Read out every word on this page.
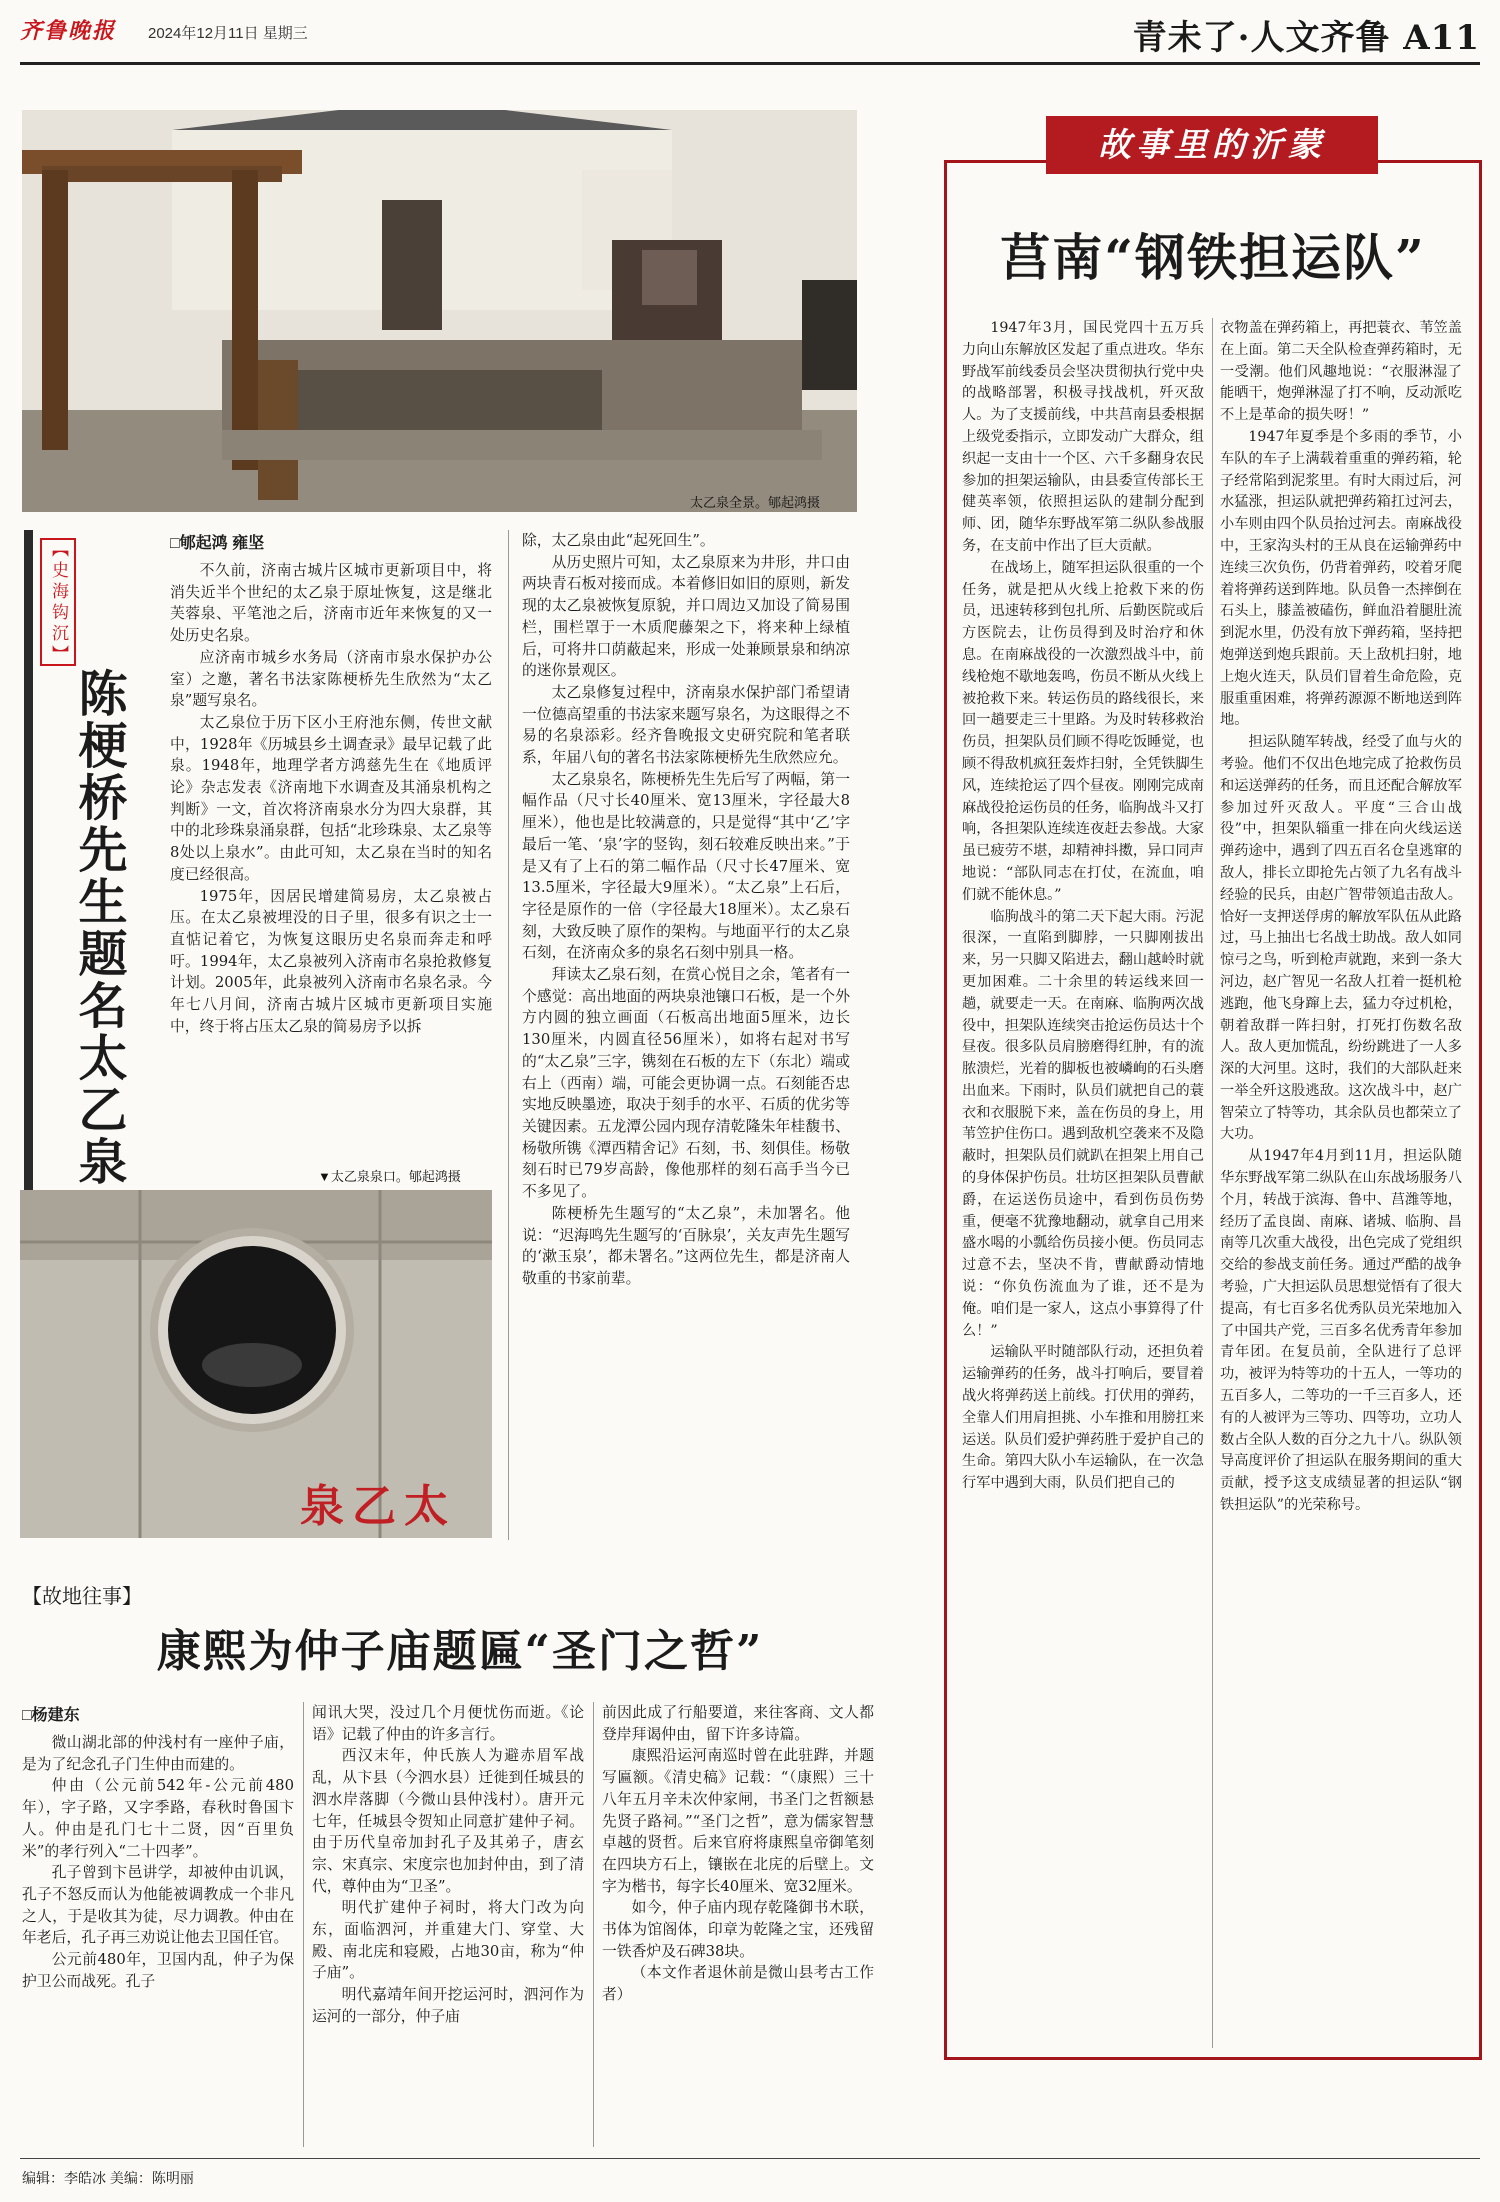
齐鲁晚报 2024年12月11日 星期三	青未了·人文齐鲁 A11
太乙泉全景。郇起鸿摄
【史海钩沉】
陈梗桥先生题名太乙泉
□郇起鸿 雍坚

不久前，济南古城片区城市更新项目中，将消失近半个世纪的太乙泉于原址恢复，这是继北芙蓉泉、平笔池之后，济南市近年来恢复的又一处历史名泉。

应济南市城乡水务局（济南市泉水保护办公室）之邀，著名书法家陈梗桥先生欣然为“太乙泉”题写泉名。

太乙泉位于历下区小王府池东侧，传世文献中，1928年《历城县乡土调查录》最早记载了此泉。1948年，地理学者方鸿慈先生在《地质评论》杂志发表《济南地下水调查及其涌泉机构之判断》一文，首次将济南泉水分为四大泉群，其中的北珍珠泉涌泉群，包括“北珍珠泉、太乙泉等8处以上泉水”。由此可知，太乙泉在当时的知名度已经很高。

1975年，因居民增建简易房，太乙泉被占压。在太乙泉被埋没的日子里，很多有识之士一直惦记着它，为恢复这眼历史名泉而奔走和呼吁。1994年，太乙泉被列入济南市名泉抢救修复计划。2005年，此泉被列入济南市名泉名录。今年七八月间，济南古城片区城市更新项目实施中，终于将占压太乙泉的简易房予以拆

▼太乙泉泉口。郇起鸿摄

除，太乙泉由此“起死回生”。

从历史照片可知，太乙泉原来为井形，井口由两块青石板对接而成。本着修旧如旧的原则，新发现的太乙泉被恢复原貌，并口周边又加设了简易围栏，围栏罩于一木质爬藤架之下，将来种上绿植后，可将井口荫蔽起来，形成一处兼顾景泉和纳凉的迷你景观区。

太乙泉修复过程中，济南泉水保护部门希望请一位德高望重的书法家来题写泉名，为这眼得之不易的名泉添彩。经齐鲁晚报文史研究院和笔者联系，年届八旬的著名书法家陈梗桥先生欣然应允。

太乙泉泉名，陈梗桥先生先后写了两幅，第一幅作品（尺寸长40厘米、宽13厘米，字径最大8厘米），他也是比较满意的，只是觉得“其中‘乙’字最后一笔、‘泉’字的竖钩，刻石较难反映出来。”于是又有了上石的第二幅作品（尺寸长47厘米、宽13.5厘米，字径最大9厘米）。“太乙泉”上石后，字径是原作的一倍（字径最大18厘米）。太乙泉石刻，大致反映了原作的架构。与地面平行的太乙泉石刻，在济南众多的泉名石刻中别具一格。

拜读太乙泉石刻，在赏心悦目之余，笔者有一个感觉：高出地面的两块泉池镶口石板，是一个外方内圆的独立画面（石板高出地面5厘米，边长130厘米，内圆直径56厘米），如将右起对书写的“太乙泉”三字，镌刻在石板的左下（东北）端或右上（西南）端，可能会更协调一点。石刻能否忠实地反映墨迹，取决于刻手的水平、石质的优劣等关键因素。五龙潭公园内现存清乾隆朱年桂馥书、杨敬所镌《潭西精舍记》石刻，书、刻俱佳。杨敬刻石时已79岁高龄，像他那样的刻石高手当今已不多见了。

陈梗桥先生题写的“太乙泉”，未加署名。他说：“迟海鸣先生题写的‘百脉泉’，关友声先生题写的‘漱玉泉’，都未署名。”这两位先生，都是济南人敬重的书家前辈。

泉乙太
故事里的沂蒙
莒南“钢铁担运队”

1947年3月，国民党四十五万兵力向山东解放区发起了重点进攻。华东野战军前线委员会坚决贯彻执行党中央的战略部署，积极寻找战机，歼灭敌人。为了支援前线，中共莒南县委根据上级党委指示，立即发动广大群众，组织起一支由十一个区、六千多翻身农民参加的担架运输队，由县委宣传部长王健英率领，依照担运队的建制分配到师、团，随华东野战军第二纵队参战服务，在支前中作出了巨大贡献。

在战场上，随军担运队很重的一个任务，就是把从火线上抢救下来的伤员，迅速转移到包扎所、后勤医院或后方医院去，让伤员得到及时治疗和休息。在南麻战役的一次激烈战斗中，前线枪炮不歇地轰鸣，伤员不断从火线上被抢救下来。转运伤员的路线很长，来回一趟要走三十里路。为及时转移救治伤员，担架队员们顾不得吃饭睡觉，也顾不得敌机疯狂轰炸扫射，全凭铁脚生风，连续抢运了四个昼夜。刚刚完成南麻战役抢运伤员的任务，临朐战斗又打响，各担架队连续连夜赶去参战。大家虽已疲劳不堪，却精神抖擞，异口同声地说：“部队同志在打仗，在流血，咱们就不能休息。”

临朐战斗的第二天下起大雨。污泥很深，一直陷到脚脖，一只脚刚拔出来，另一只脚又陷进去，翻山越岭时就更加困难。二十余里的转运线来回一趟，就要走一天。在南麻、临朐两次战役中，担架队连续突击抢运伤员达十个昼夜。很多队员肩膀磨得红肿，有的流脓溃烂，光着的脚板也被嶙峋的石头磨出血来。下雨时，队员们就把自己的蓑衣和衣服脱下来，盖在伤员的身上，用苇笠护住伤口。遇到敌机空袭来不及隐蔽时，担架队员们就趴在担架上用自己的身体保护伤员。壮坊区担架队员曹献爵，在运送伤员途中，看到伤员伤势重，便毫不犹豫地翻动，就拿自己用来盛水喝的小瓢给伤员接小便。伤员同志过意不去，坚决不肯，曹献爵动情地说：“你负伤流血为了谁，还不是为俺。咱们是一家人，这点小事算得了什么！”

运输队平时随部队行动，还担负着运输弹药的任务，战斗打响后，要冒着战火将弹药送上前线。打伏用的弹药，全靠人们用肩担挑、小车推和用膀扛来运送。队员们爱护弹药胜于爱护自己的生命。第四大队小车运输队，在一次急行军中遇到大雨，队员们把自己的

衣物盖在弹药箱上，再把蓑衣、苇笠盖在上面。第二天全队检查弹药箱时，无一受潮。他们风趣地说：“衣服淋湿了能晒干，炮弹淋湿了打不响，反动派吃不上是革命的损失呀！”

1947年夏季是个多雨的季节，小车队的车子上满载着重重的弹药箱，轮子经常陷到泥浆里。有时大雨过后，河水猛涨，担运队就把弹药箱扛过河去，小车则由四个队员抬过河去。南麻战役中，王家沟头村的王从良在运输弹药中连续三次负伤，仍背着弹药，咬着牙爬着将弹药送到阵地。队员鲁一杰摔倒在石头上，膝盖被磕伤，鲜血沿着腿肚流到泥水里，仍没有放下弹药箱，坚持把炮弹送到炮兵跟前。天上敌机扫射，地上炮火连天，队员们冒着生命危险，克服重重困难，将弹药源源不断地送到阵地。

担运队随军转战，经受了血与火的考验。他们不仅出色地完成了抢救伤员和运送弹药的任务，而且还配合解放军参加过歼灭敌人。平度“三合山战役”中，担架队辎重一排在向火线运送弹药途中，遇到了四五百名仓皇逃窜的敌人，排长立即抢先占领了九名有战斗经验的民兵，由赵广智带领追击敌人。恰好一支押送俘虏的解放军队伍从此路过，马上抽出七名战士助战。敌人如同惊弓之鸟，听到枪声就跑，来到一条大河边，赵广智见一名敌人扛着一挺机枪逃跑，他飞身蹿上去，猛力夺过机枪，朝着敌群一阵扫射，打死打伤数名敌人。敌人更加慌乱，纷纷跳进了一人多深的大河里。这时，我们的大部队赶来一举全歼这股逃敌。这次战斗中，赵广智荣立了特等功，其余队员也都荣立了大功。

从1947年4月到11月，担运队随华东野战军第二纵队在山东战场服务八个月，转战于滨海、鲁中、莒潍等地，经历了孟良崮、南麻、诸城、临朐、昌南等几次重大战役，出色完成了党组织交给的参战支前任务。通过严酷的战争考验，广大担运队员思想觉悟有了很大提高，有七百多名优秀队员光荣地加入了中国共产党，三百多名优秀青年参加青年团。在复员前，全队进行了总评功，被评为特等功的十五人，一等功的五百多人，二等功的一千三百多人，还有的人被评为三等功、四等功，立功人数占全队人数的百分之九十八。纵队领导高度评价了担运队在服务期间的重大贡献，授予这支成绩显著的担运队“钢铁担运队”的光荣称号。

【故地往事】
康熙为仲子庙题匾“圣门之哲”
□杨建东

微山湖北部的仲浅村有一座仲子庙，是为了纪念孔子门生仲由而建的。

仲由（公元前542年-公元前480年），字子路，又字季路，春秋时鲁国卞人。仲由是孔门七十二贤，因“百里负米”的孝行列入“二十四孝”。

孔子曾到卞邑讲学，却被仲由讥讽，孔子不怒反而认为他能被调教成一个非凡之人，于是收其为徒，尽力调教。仲由在年老后，孔子再三劝说让他去卫国任官。

公元前480年，卫国内乱，仲子为保护卫公而战死。孔子

闻讯大哭，没过几个月便忧伤而逝。《论语》记载了仲由的许多言行。

西汉末年，仲氏族人为避赤眉军战乱，从卞县（今泗水县）迁徙到任城县的泗水岸落脚（今微山县仲浅村）。唐开元七年，任城县令贺知止同意扩建仲子祠。由于历代皇帝加封孔子及其弟子，唐玄宗、宋真宗、宋度宗也加封仲由，到了清代，尊仲由为“卫圣”。

明代扩建仲子祠时，将大门改为向东，面临泗河，并重建大门、穿堂、大殿、南北庑和寝殿，占地30亩，称为“仲子庙”。

明代嘉靖年间开挖运河时，泗河作为运河的一部分，仲子庙

前因此成了行船要道，来往客商、文人都登岸拜谒仲由，留下许多诗篇。

康熙沿运河南巡时曾在此驻跸，并题写匾额。《清史稿》记载：“（康熙）三十八年五月辛未次仲家闸，书圣门之哲额悬先贤子路祠。”“圣门之哲”，意为儒家智慧卓越的贤哲。后来官府将康熙皇帝御笔刻在四块方石上，镶嵌在北庑的后壁上。文字为楷书，每字长40厘米、宽32厘米。

如今，仲子庙内现存乾隆御书木联，书体为馆阁体，印章为乾隆之宝，还残留一铁香炉及石碑38块。

（本文作者退休前是微山县考古工作者）

编辑：李皓冰 美编：陈明丽
